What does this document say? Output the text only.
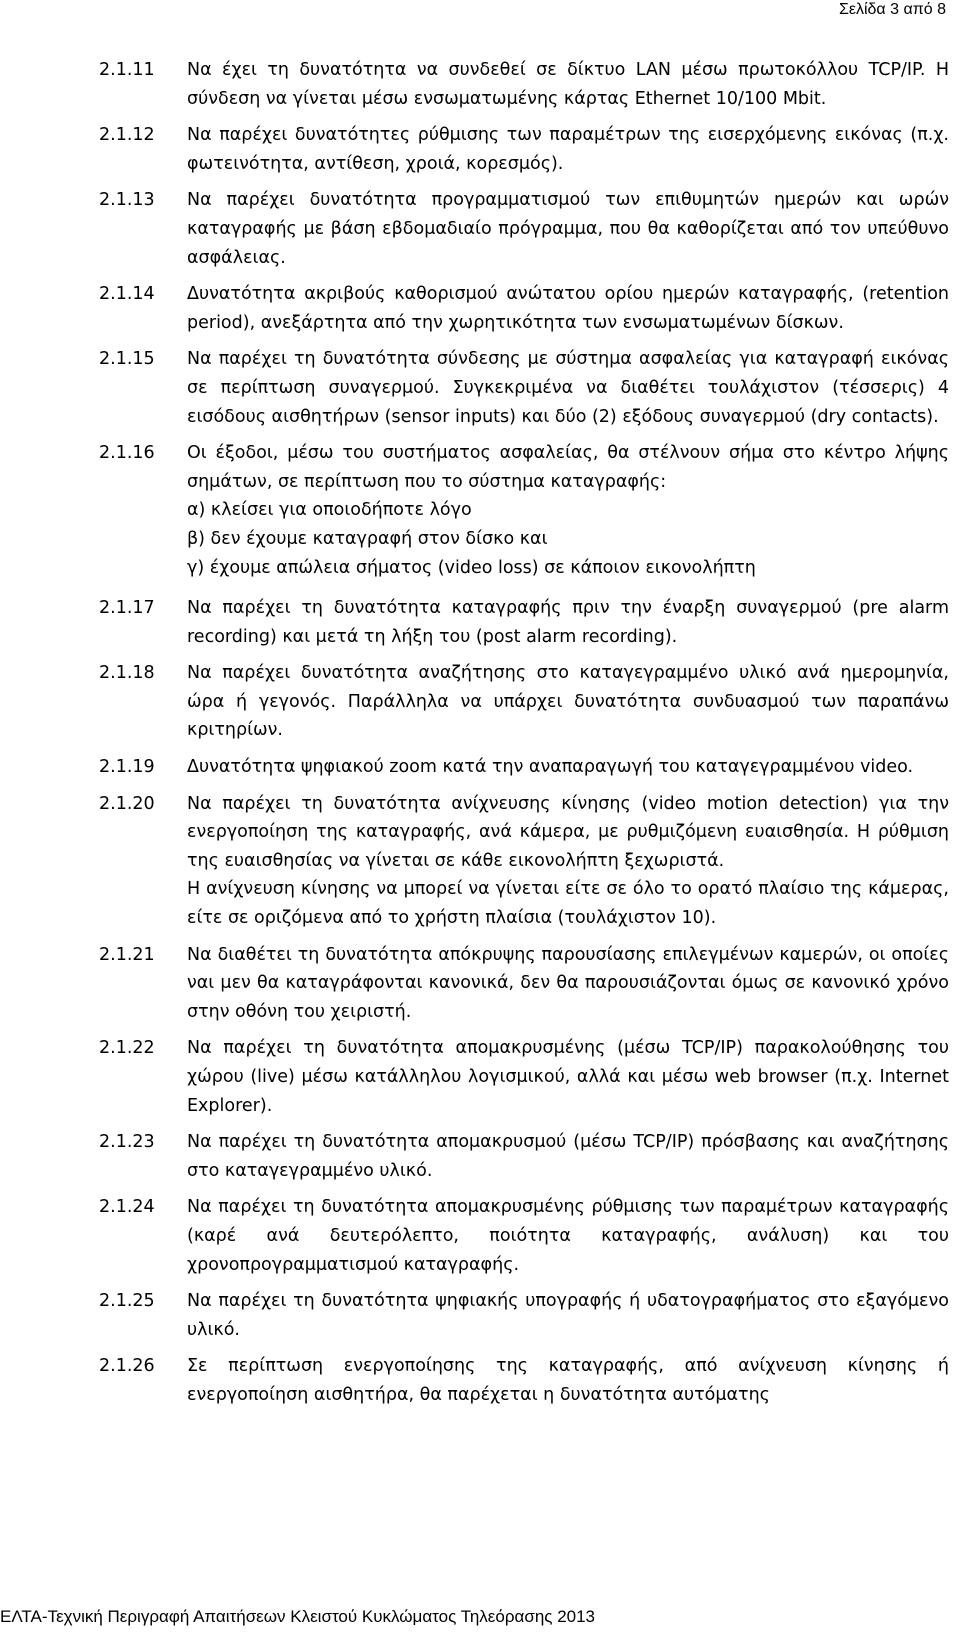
Σελίδα 3 από 8
2.1.11	Να έχει τη δυνατότητα να συνδεθεί σε δίκτυο LAN μέσω πρωτοκόλλου TCP/IP. Η σύνδεση να γίνεται μέσω ενσωματωμένης κάρτας Ethernet 10/100 Mbit.
2.1.12	Να παρέχει δυνατότητες ρύθμισης των παραμέτρων της εισερχόμενης εικόνας (π.χ. φωτεινότητα, αντίθεση, χροιά, κορεσμός).
2.1.13	Να παρέχει δυνατότητα προγραμματισμού των επιθυμητών ημερών και ωρών καταγραφής με βάση εβδομαδιαίο πρόγραμμα, που θα καθορίζεται από τον υπεύθυνο ασφάλειας.
2.1.14	Δυνατότητα ακριβούς καθορισμού ανώτατου ορίου ημερών καταγραφής, (retention period), ανεξάρτητα από την χωρητικότητα των ενσωματωμένων δίσκων.
2.1.15	Να παρέχει τη δυνατότητα σύνδεσης με σύστημα ασφαλείας για καταγραφή εικόνας σε περίπτωση συναγερμού. Συγκεκριμένα να διαθέτει τουλάχιστον (τέσσερις) 4 εισόδους αισθητήρων (sensor inputs) και δύο (2) εξόδους συναγερμού (dry contacts).
2.1.16	Οι έξοδοι, μέσω του συστήματος ασφαλείας, θα στέλνουν σήμα στο κέντρο λήψης σημάτων, σε περίπτωση που το σύστημα καταγραφής:
α) κλείσει για οποιοδήποτε λόγο
β) δεν έχουμε καταγραφή στον δίσκο και
γ) έχουμε απώλεια σήματος (video loss) σε κάποιον εικονολήπτη
2.1.17	Να παρέχει τη δυνατότητα καταγραφής πριν την έναρξη συναγερμού (pre alarm recording) και μετά τη λήξη του (post alarm recording).
2.1.18	Να παρέχει δυνατότητα αναζήτησης στο καταγεγραμμένο υλικό ανά ημερομηνία, ώρα ή γεγονός. Παράλληλα να υπάρχει δυνατότητα συνδυασμού των παραπάνω κριτηρίων.
2.1.19	Δυνατότητα ψηφιακού zoom κατά την αναπαραγωγή του καταγεγραμμένου video.
2.1.20	Να παρέχει τη δυνατότητα ανίχνευσης κίνησης (video motion detection) για την ενεργοποίηση της καταγραφής, ανά κάμερα, με ρυθμιζόμενη ευαισθησία. Η ρύθμιση της ευαισθησίας να γίνεται σε κάθε εικονολήπτη ξεχωριστά.
Η ανίχνευση κίνησης να μπορεί να γίνεται είτε σε όλο το ορατό πλαίσιο της κάμερας, είτε σε οριζόμενα από το χρήστη πλαίσια (τουλάχιστον 10).
2.1.21	Να διαθέτει τη δυνατότητα απόκρυψης παρουσίασης επιλεγμένων καμερών, οι οποίες ναι μεν θα καταγράφονται κανονικά, δεν θα παρουσιάζονται όμως σε κανονικό χρόνο στην οθόνη του χειριστή.
2.1.22	Να παρέχει τη δυνατότητα απομακρυσμένης (μέσω TCP/IP) παρακολούθησης του χώρου (live) μέσω κατάλληλου λογισμικού, αλλά και μέσω web browser (π.χ. Internet Explorer).
2.1.23	Να παρέχει τη δυνατότητα απομακρυσμού (μέσω TCP/IP) πρόσβασης και αναζήτησης στο καταγεγραμμένο υλικό.
2.1.24	Να παρέχει τη δυνατότητα απομακρυσμένης ρύθμισης των παραμέτρων καταγραφής (καρέ ανά δευτερόλεπτο, ποιότητα καταγραφής, ανάλυση) και του χρονοπρογραμματισμού καταγραφής.
2.1.25	Να παρέχει τη δυνατότητα ψηφιακής υπογραφής ή υδατογραφήματος στο εξαγόμενο υλικό.
2.1.26	Σε περίπτωση ενεργοποίησης της καταγραφής, από ανίχνευση κίνησης ή ενεργοποίηση αισθητήρα, θα παρέχεται η δυνατότητα αυτόματης
ΕΛΤΑ-Τεχνική Περιγραφή Απαιτήσεων Κλειστού Κυκλώματος Τηλεόρασης 2013
